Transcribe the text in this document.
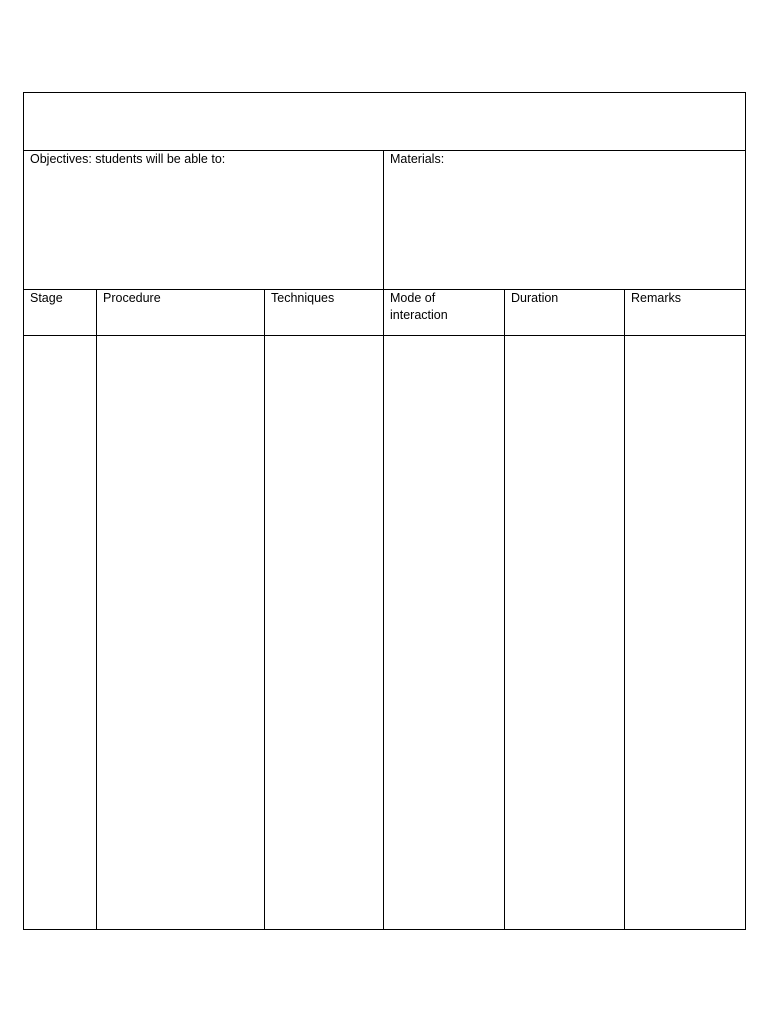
Objectives: students will be able to:			Materials:		

Stage	Procedure	Techniques	Mode of interaction	Duration	Remarks
